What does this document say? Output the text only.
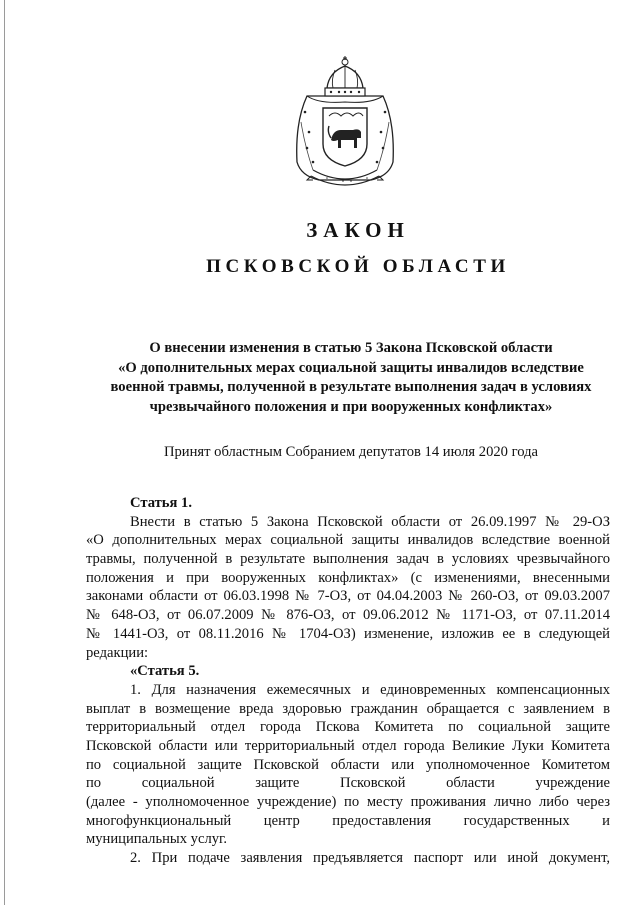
ЗАКОН
ПСКОВСКОЙ ОБЛАСТИ
О внесении изменения в статью 5 Закона Псковской области
«О дополнительных мерах социальной защиты инвалидов вследствие
военной травмы, полученной в результате выполнения задач в условиях
чрезвычайного положения и при вооруженных конфликтах»
Принят областным Собранием депутатов 14 июля 2020 года
Статья 1.
Внести в статью 5 Закона Псковской области от 26.09.1997 № 29-ОЗ
«О дополнительных мерах социальной защиты инвалидов вследствие военной
травмы, полученной в результате выполнения задач в условиях чрезвычайного
положения и при вооруженных конфликтах» (с изменениями, внесенными
законами области от 06.03.1998 № 7-ОЗ, от 04.04.2003 № 260-ОЗ, от 09.03.2007
№ 648-ОЗ, от 06.07.2009 № 876-ОЗ, от 09.06.2012 № 1171-ОЗ, от 07.11.2014
№ 1441-ОЗ, от 08.11.2016 № 1704-ОЗ) изменение, изложив ее в следующей
редакции:
«Статья 5.
1. Для назначения ежемесячных и единовременных компенсационных
выплат в возмещение вреда здоровью гражданин обращается с заявлением в
территориальный отдел города Пскова Комитета по социальной защите
Псковской области или территориальный отдел города Великие Луки Комитета
по социальной защите Псковской области или уполномоченное Комитетом
по социальной защите Псковской области учреждение
(далее - уполномоченное учреждение) по месту проживания лично либо через
многофункциональный центр предоставления государственных и
муниципальных услуг.
2. При подаче заявления предъявляется паспорт или иной документ,
